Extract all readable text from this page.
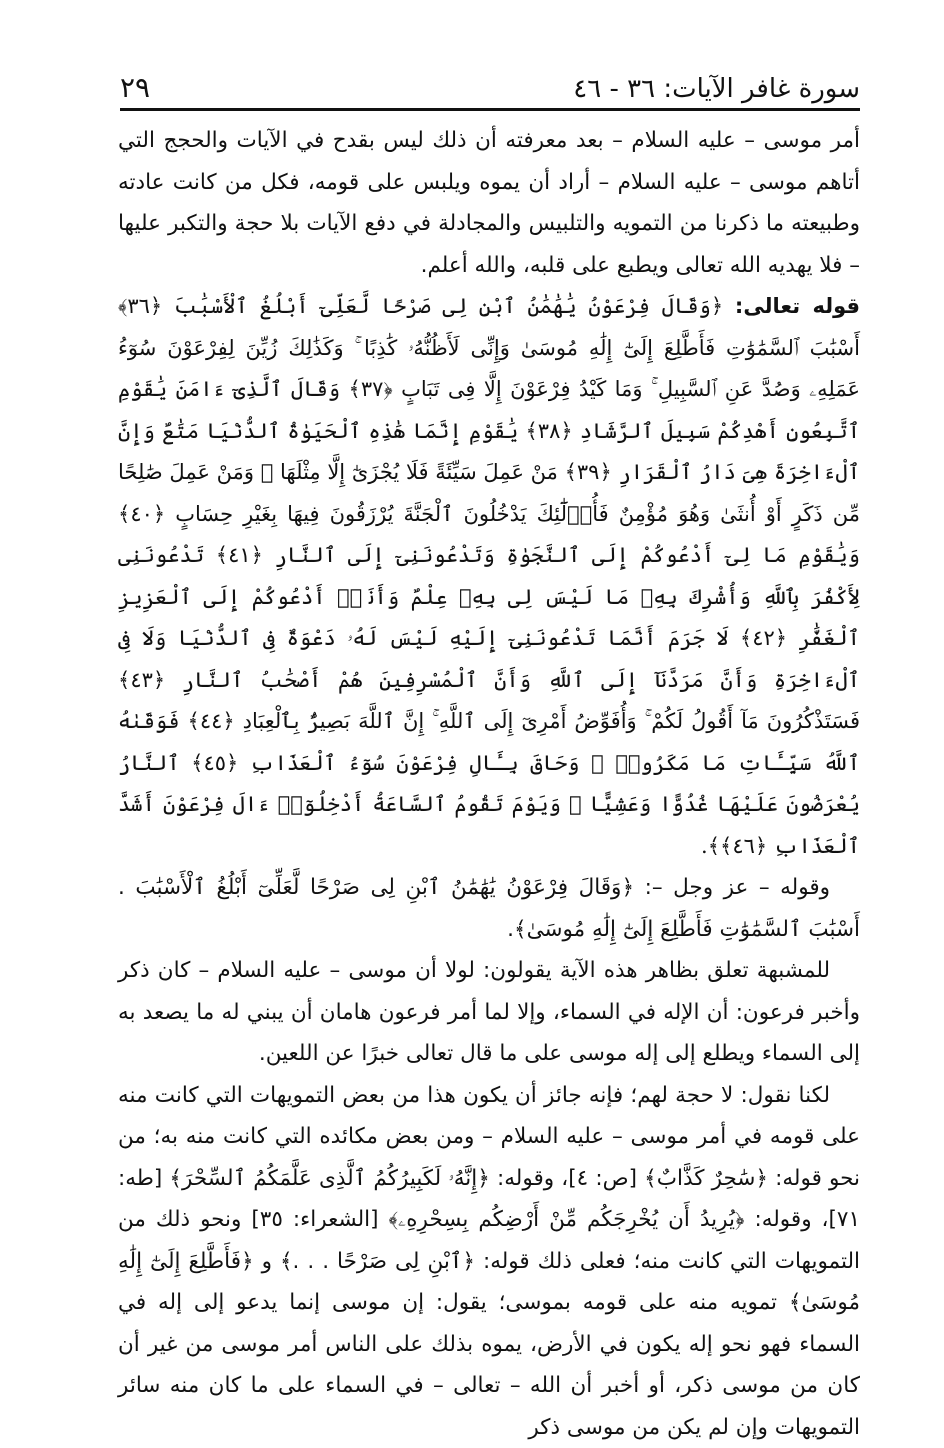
سورة غافر الآيات: ٣٦ - ٤٦
٢٩

أمر موسى – عليه السلام – بعد معرفته أن ذلك ليس بقدح في الآيات والحجج التي أتاهم موسى – عليه السلام – أراد أن يموه ويلبس على قومه، فكل من كانت عادته وطبيعته ما ذكرنا من التمويه والتلبيس والمجادلة في دفع الآيات بلا حجة والتكبر عليها – فلا يهديه الله تعالى ويطبع على قلبه، والله أعلم.

قوله تعالى: ﴿وَقَالَ فِرْعَوْنُ يَٰهَٰمَٰنُ ٱبْنِ لِى صَرْحًا لَّعَلِّىٓ أَبْلُغُ ٱلْأَسْبَٰبَ ﴿٣٦﴾ أَسْبَٰبَ ٱلسَّمَٰوَٰتِ فَأَطَّلِعَ إِلَىٰٓ إِلَٰهِ مُوسَىٰ وَإِنِّى لَأَظُنُّهُۥ كَٰذِبًا ۚ وَكَذَٰلِكَ زُيِّنَ لِفِرْعَوْنَ سُوٓءُ عَمَلِهِۦ وَصُدَّ عَنِ ٱلسَّبِيلِ ۚ وَمَا كَيْدُ فِرْعَوْنَ إِلَّا فِى تَبَابٍ ﴿٣٧﴾ وَقَالَ ٱلَّذِىٓ ءَامَنَ يَٰقَوْمِ ٱتَّبِعُونِ أَهْدِكُمْ سَبِيلَ ٱلرَّشَادِ ﴿٣٨﴾ يَٰقَوْمِ إِنَّمَا هَٰذِهِ ٱلْحَيَوٰةُ ٱلدُّنْيَا مَتَٰعٌ وَإِنَّ ٱلْءَاخِرَةَ هِىَ دَارُ ٱلْقَرَارِ ﴿٣٩﴾ مَنْ عَمِلَ سَيِّئَةً فَلَا يُجْزَىٰٓ إِلَّا مِثْلَهَا ۖ وَمَنْ عَمِلَ صَٰلِحًا مِّن ذَكَرٍ أَوْ أُنثَىٰ وَهُوَ مُؤْمِنٌ فَأُو۟لَٰٓئِكَ يَدْخُلُونَ ٱلْجَنَّةَ يُرْزَقُونَ فِيهَا بِغَيْرِ حِسَابٍ ﴿٤٠﴾ وَيَٰقَوْمِ مَا لِىٓ أَدْعُوكُمْ إِلَى ٱلنَّجَوٰةِ وَتَدْعُونَنِىٓ إِلَى ٱلنَّارِ ﴿٤١﴾ تَدْعُونَنِى لِأَكْفُرَ بِٱللَّهِ وَأُشْرِكَ بِهِۦ مَا لَيْسَ لِى بِهِۦ عِلْمٌ وَأَنَا۠ أَدْعُوكُمْ إِلَى ٱلْعَزِيزِ ٱلْغَفَّٰرِ ﴿٤٢﴾ لَا جَرَمَ أَنَّمَا تَدْعُونَنِىٓ إِلَيْهِ لَيْسَ لَهُۥ دَعْوَةٌ فِى ٱلدُّنْيَا وَلَا فِى ٱلْءَاخِرَةِ وَأَنَّ مَرَدَّنَآ إِلَى ٱللَّهِ وَأَنَّ ٱلْمُسْرِفِينَ هُمْ أَصْحَٰبُ ٱلنَّارِ ﴿٤٣﴾ فَسَتَذْكُرُونَ مَآ أَقُولُ لَكُمْ ۚ وَأُفَوِّضُ أَمْرِىٓ إِلَى ٱللَّهِ ۚ إِنَّ ٱللَّهَ بَصِيرٌۢ بِٱلْعِبَادِ ﴿٤٤﴾ فَوَقَىٰهُ ٱللَّهُ سَيِّـَٔاتِ مَا مَكَرُوا۟ ۖ وَحَاقَ بِـَٔالِ فِرْعَوْنَ سُوٓءُ ٱلْعَذَابِ ﴿٤٥﴾ ٱلنَّارُ يُعْرَضُونَ عَلَيْهَا غُدُوًّا وَعَشِيًّا ۖ وَيَوْمَ تَقُومُ ٱلسَّاعَةُ أَدْخِلُوٓا۟ ءَالَ فِرْعَوْنَ أَشَدَّ ٱلْعَذَابِ ﴿٤٦﴾﴾.

وقوله – عز وجل –: ﴿وَقَالَ فِرْعَوْنُ يَٰهَٰمَٰنُ ٱبْنِ لِى صَرْحًا لَّعَلِّىٓ أَبْلُغُ ٱلْأَسْبَٰبَ . أَسْبَٰبَ ٱلسَّمَٰوَٰتِ فَأَطَّلِعَ إِلَىٰٓ إِلَٰهِ مُوسَىٰ﴾.

للمشبهة تعلق بظاهر هذه الآية يقولون: لولا أن موسى – عليه السلام – كان ذكر وأخبر فرعون: أن الإله في السماء، وإلا لما أمر فرعون هامان أن يبني له ما يصعد به إلى السماء ويطلع إلى إله موسى على ما قال تعالى خبرًا عن اللعين.

لكنا نقول: لا حجة لهم؛ فإنه جائز أن يكون هذا من بعض التمويهات التي كانت منه على قومه في أمر موسى – عليه السلام – ومن بعض مكائده التي كانت منه به؛ من نحو قوله: ﴿سَٰحِرٌ كَذَّابٌ﴾ [ص: ٤]، وقوله: ﴿إِنَّهُۥ لَكَبِيرُكُمُ ٱلَّذِى عَلَّمَكُمُ ٱلسِّحْرَ﴾ [طه: ٧١]، وقوله: ﴿يُرِيدُ أَن يُخْرِجَكُم مِّنْ أَرْضِكُم بِسِحْرِهِۦ﴾ [الشعراء: ٣٥] ونحو ذلك من التمويهات التي كانت منه؛ فعلى ذلك قوله: ﴿ٱبْنِ لِى صَرْحًا . . .﴾ و ﴿فَأَطَّلِعَ إِلَىٰٓ إِلَٰهِ مُوسَىٰ﴾ تمويه منه على قومه بموسى؛ يقول: إن موسى إنما يدعو إلى إله في السماء فهو نحو إله يكون في الأرض، يموه بذلك على الناس أمر موسى من غير أن كان من موسى ذكر، أو أخبر أن الله – تعالى – في السماء على ما كان منه سائر التمويهات وإن لم يكن من موسى ذكر
